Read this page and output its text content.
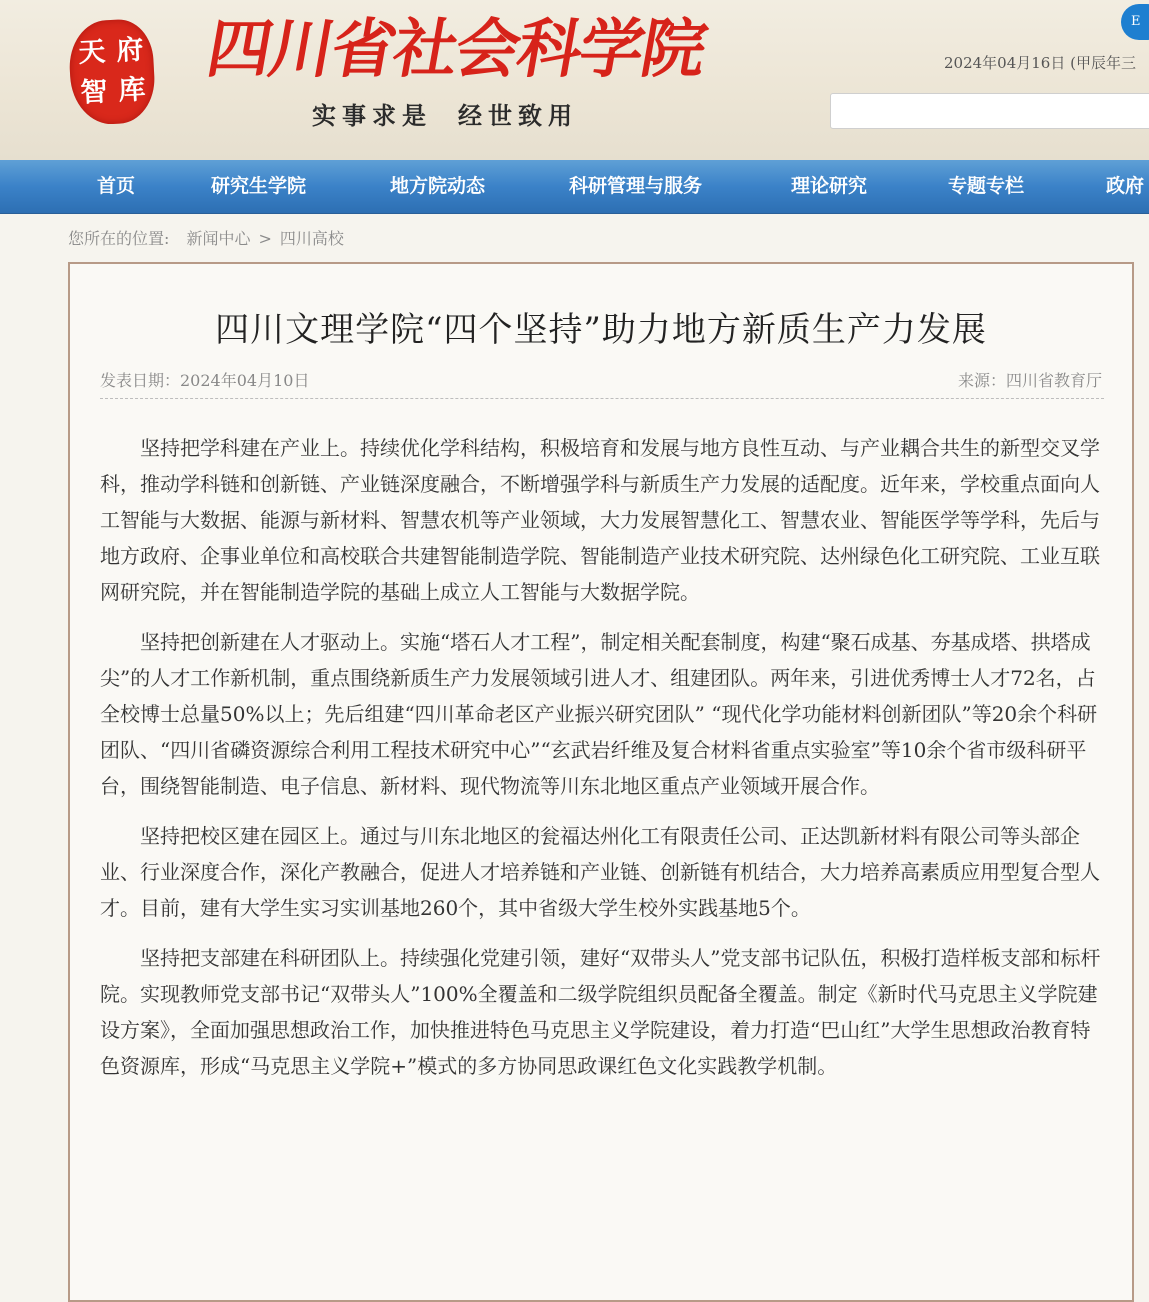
天 府
智 库
四川省社会科学院
实事求是 经世致用
2024年04月16日 (甲辰年三
E
首页	研究生学院	地方院动态	科研管理与服务	理论研究	专题专栏	政府
您所在的位置: 新闻中心 > 四川高校
四川文理学院“四个坚持”助力地方新质生产力发展
发表日期：2024年04月10日	来源：四川省教育厅

坚持把学科建在产业上。持续优化学科结构，积极培育和发展与地方良性互动、与产业耦合共生的新型交叉学科，推动学科链和创新链、产业链深度融合，不断增强学科与新质生产力发展的适配度。近年来，学校重点面向人工智能与大数据、能源与新材料、智慧农机等产业领域，大力发展智慧化工、智慧农业、智能医学等学科，先后与地方政府、企事业单位和高校联合共建智能制造学院、智能制造产业技术研究院、达州绿色化工研究院、工业互联网研究院，并在智能制造学院的基础上成立人工智能与大数据学院。

坚持把创新建在人才驱动上。实施“塔石人才工程”，制定相关配套制度，构建“聚石成基、夯基成塔、拱塔成尖”的人才工作新机制，重点围绕新质生产力发展领域引进人才、组建团队。两年来，引进优秀博士人才72名，占全校博士总量50%以上；先后组建“四川革命老区产业振兴研究团队” “现代化学功能材料创新团队”等20余个科研团队、“四川省磷资源综合利用工程技术研究中心”“玄武岩纤维及复合材料省重点实验室”等10余个省市级科研平台，围绕智能制造、电子信息、新材料、现代物流等川东北地区重点产业领域开展合作。

坚持把校区建在园区上。通过与川东北地区的瓮福达州化工有限责任公司、正达凯新材料有限公司等头部企业、行业深度合作，深化产教融合，促进人才培养链和产业链、创新链有机结合，大力培养高素质应用型复合型人才。目前，建有大学生实习实训基地260个，其中省级大学生校外实践基地5个。

坚持把支部建在科研团队上。持续强化党建引领，建好“双带头人”党支部书记队伍，积极打造样板支部和标杆院。实现教师党支部书记“双带头人”100%全覆盖和二级学院组织员配备全覆盖。制定《新时代马克思主义学院建设方案》，全面加强思想政治工作，加快推进特色马克思主义学院建设，着力打造“巴山红”大学生思想政治教育特色资源库，形成“马克思主义学院+”模式的多方协同思政课红色文化实践教学机制。
